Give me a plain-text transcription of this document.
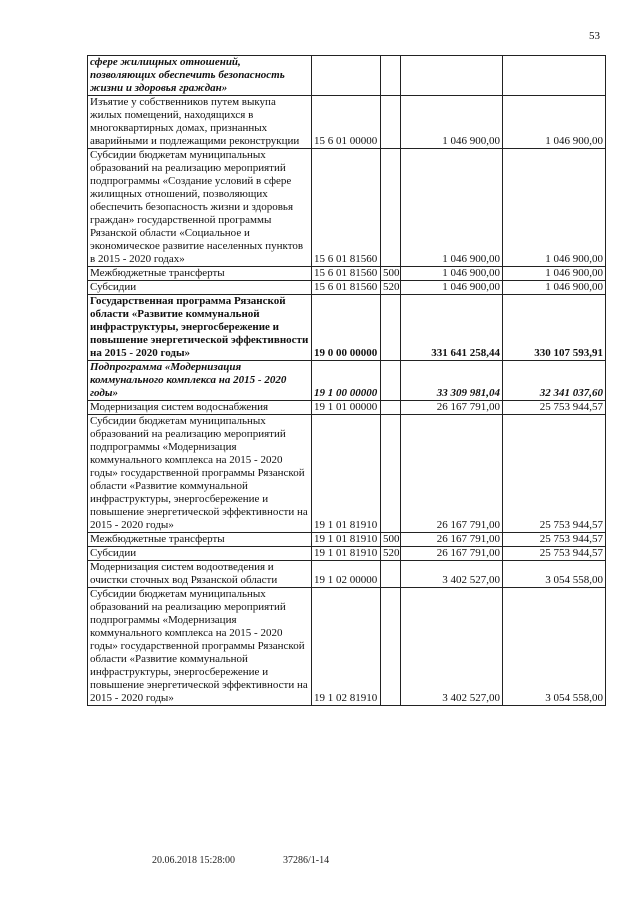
53
сфере жилищных отношений, позволяющих обеспечить безопасность жизни и здоровья граждан»				
Изъятие у собственников путем выкупа жилых помещений, находящихся в многоквартирных домах, признанных аварийными и подлежащими реконструкции	15 6 01 00000		1 046 900,00	1 046 900,00
Субсидии бюджетам муниципальных образований на реализацию мероприятий подпрограммы «Создание условий в сфере жилищных отношений, позволяющих обеспечить безопасность жизни и здоровья граждан» государственной программы Рязанской области «Социальное и экономическое развитие населенных пунктов в 2015 - 2020 годах»	15 6 01 81560		1 046 900,00	1 046 900,00
Межбюджетные трансферты	15 6 01 81560	500	1 046 900,00	1 046 900,00
Субсидии	15 6 01 81560	520	1 046 900,00	1 046 900,00
Государственная программа Рязанской области «Развитие коммунальной инфраструктуры, энергосбережение и повышение энергетической эффективности на 2015 - 2020 годы»	19 0 00 00000		331 641 258,44	330 107 593,91
Подпрограмма «Модернизация коммунального комплекса на 2015 - 2020 годы»	19 1 00 00000		33 309 981,04	32 341 037,60
Модернизация систем водоснабжения	19 1 01 00000		26 167 791,00	25 753 944,57
Субсидии бюджетам муниципальных образований на реализацию мероприятий подпрограммы «Модернизация коммунального комплекса на 2015 - 2020 годы» государственной программы Рязанской области «Развитие коммунальной инфраструктуры, энергосбережение и повышение энергетической эффективности на 2015 - 2020 годы»	19 1 01 81910		26 167 791,00	25 753 944,57
Межбюджетные трансферты	19 1 01 81910	500	26 167 791,00	25 753 944,57
Субсидии	19 1 01 81910	520	26 167 791,00	25 753 944,57
Модернизация систем водоотведения и очистки сточных вод Рязанской области	19 1 02 00000		3 402 527,00	3 054 558,00
Субсидии бюджетам муниципальных образований на реализацию мероприятий подпрограммы «Модернизация коммунального комплекса на 2015 - 2020 годы» государственной программы Рязанской области «Развитие коммунальной инфраструктуры, энергосбережение и повышение энергетической эффективности на 2015 - 2020 годы»	19 1 02 81910		3 402 527,00	3 054 558,00
20.06.2018 15:28:00	37286/1-14
